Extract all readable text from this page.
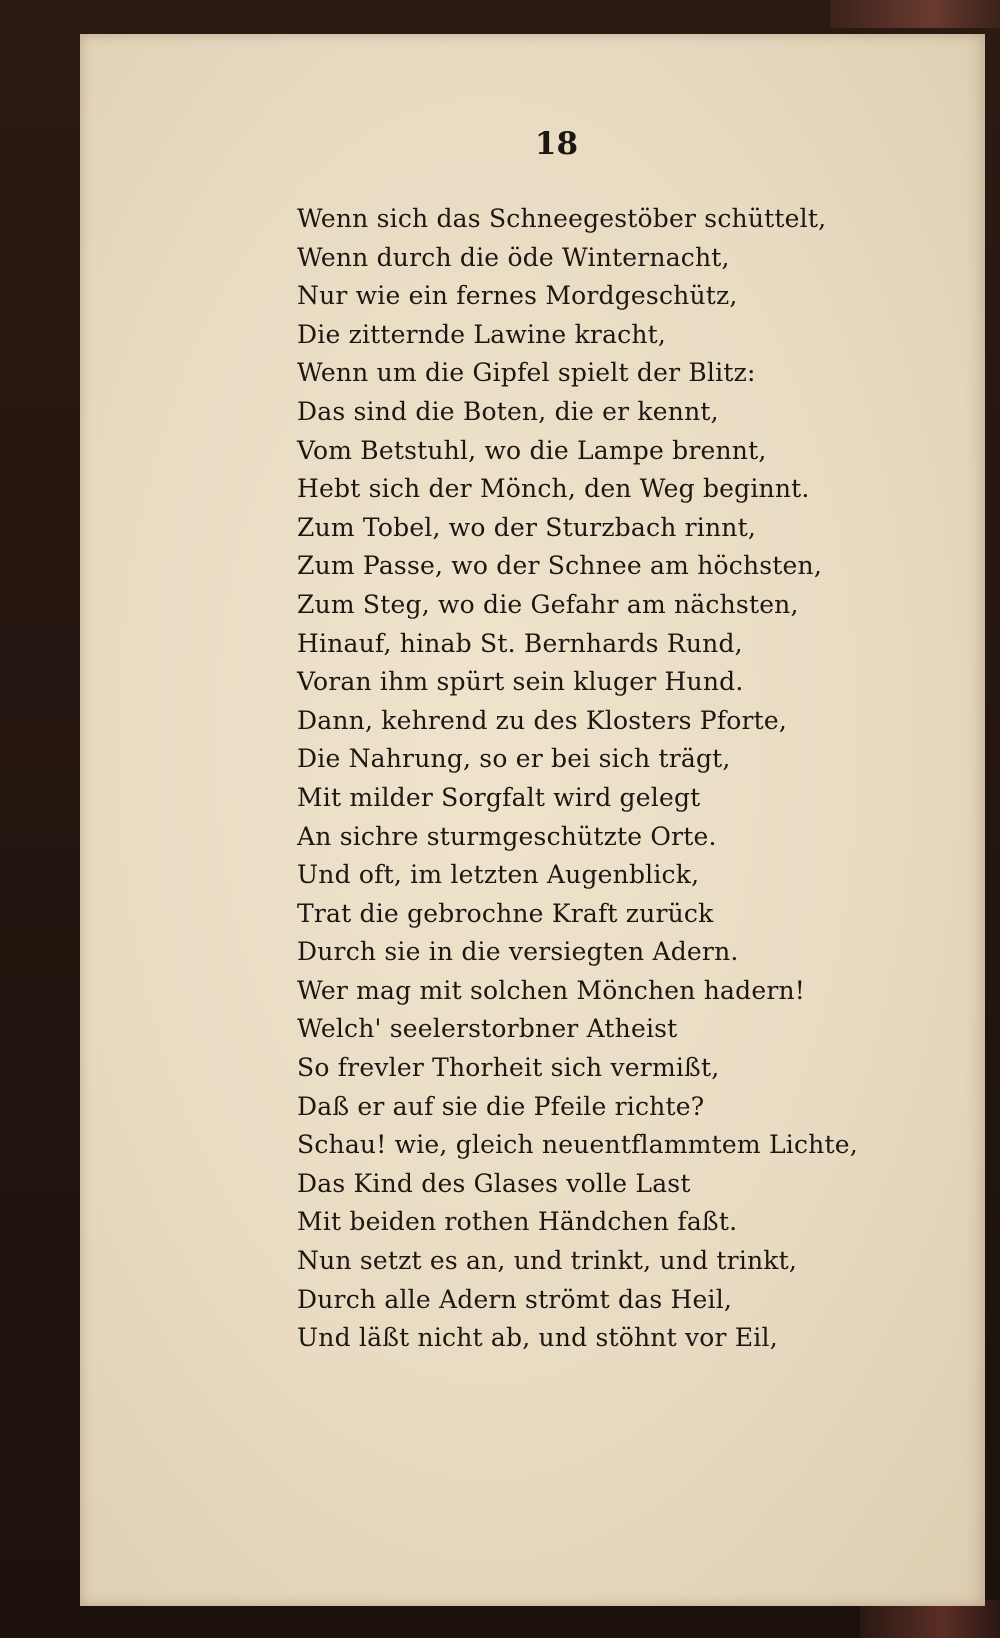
18
Wenn sich das Schneegestöber schüttelt,
Wenn durch die öde Winternacht,
Nur wie ein fernes Mordgeschütz,
Die zitternde Lawine kracht,
Wenn um die Gipfel spielt der Blitz:
Das sind die Boten, die er kennt,
Vom Betstuhl, wo die Lampe brennt,
Hebt sich der Mönch, den Weg beginnt.
Zum Tobel, wo der Sturzbach rinnt,
Zum Passe, wo der Schnee am höchsten,
Zum Steg, wo die Gefahr am nächsten,
Hinauf, hinab St. Bernhards Rund,
Voran ihm spürt sein kluger Hund.
Dann, kehrend zu des Klosters Pforte,
Die Nahrung, so er bei sich trägt,
Mit milder Sorgfalt wird gelegt
An sichre sturmgeschützte Orte.
Und oft, im letzten Augenblick,
Trat die gebrochne Kraft zurück
Durch sie in die versiegten Adern.
Wer mag mit solchen Mönchen hadern!
Welch' seelerstorbner Atheist
So frevler Thorheit sich vermißt,
Daß er auf sie die Pfeile richte?
Schau! wie, gleich neuentflammtem Lichte,
Das Kind des Glases volle Last
Mit beiden rothen Händchen faßt.
Nun setzt es an, und trinkt, und trinkt,
Durch alle Adern strömt das Heil,
Und läßt nicht ab, und stöhnt vor Eil,
